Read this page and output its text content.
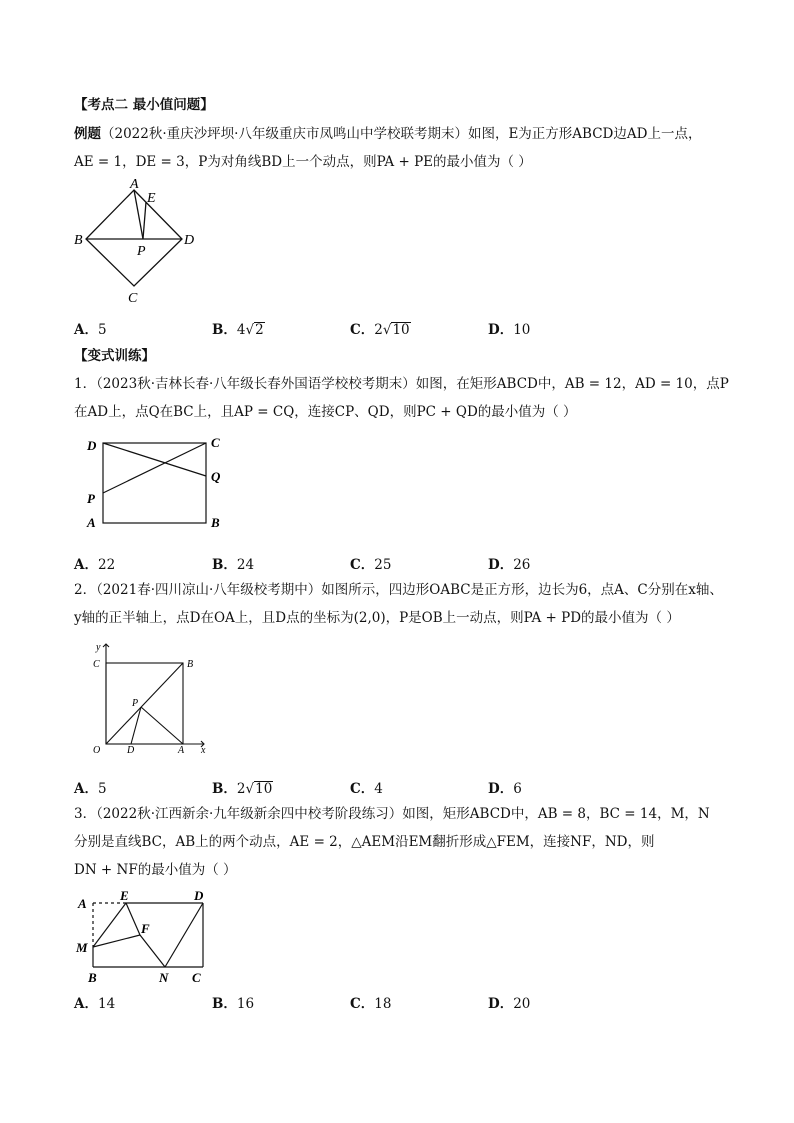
【考点二 最小值问题】
例题（2022秋·重庆沙坪坝·八年级重庆市凤鸣山中学校联考期末）如图，E为正方形ABCD边AD上一点，
AE = 1，DE = 3，P为对角线BD上一个动点，则PA + PE的最小值为（ ）
A
E
B
P
D
C
A．5	B．4√2	C．2√10	D．10
【变式训练】
1．（2023秋·吉林长春·八年级长春外国语学校校考期末）如图，在矩形ABCD中，AB = 12，AD = 10，点P
在AD上，点Q在BC上，且AP = CQ，连接CP、QD，则PC + QD的最小值为（ ）
D	C
Q
P
A	B
A．22	B．24	C．25	D．26
2．（2021春·四川凉山·八年级校考期中）如图所示，四边形OABC是正方形，边长为6，点A、C分别在x轴、
y轴的正半轴上，点D在OA上，且D点的坐标为(2,0)，P是OB上一动点，则PA + PD的最小值为（ ）
y
C	B
P
O	D	A x
A．5	B．2√10	C．4	D．6
3．（2022秋·江西新余·九年级新余四中校考阶段练习）如图，矩形ABCD中，AB = 8，BC = 14，M，N
分别是直线BC，AB上的两个动点，AE = 2，△AEM沿EM翻折形成△FEM，连接NF，ND，则
DN + NF的最小值为（ ）
A
E	D
F
M
B	N C
A．14	B．16	C．18	D．20
